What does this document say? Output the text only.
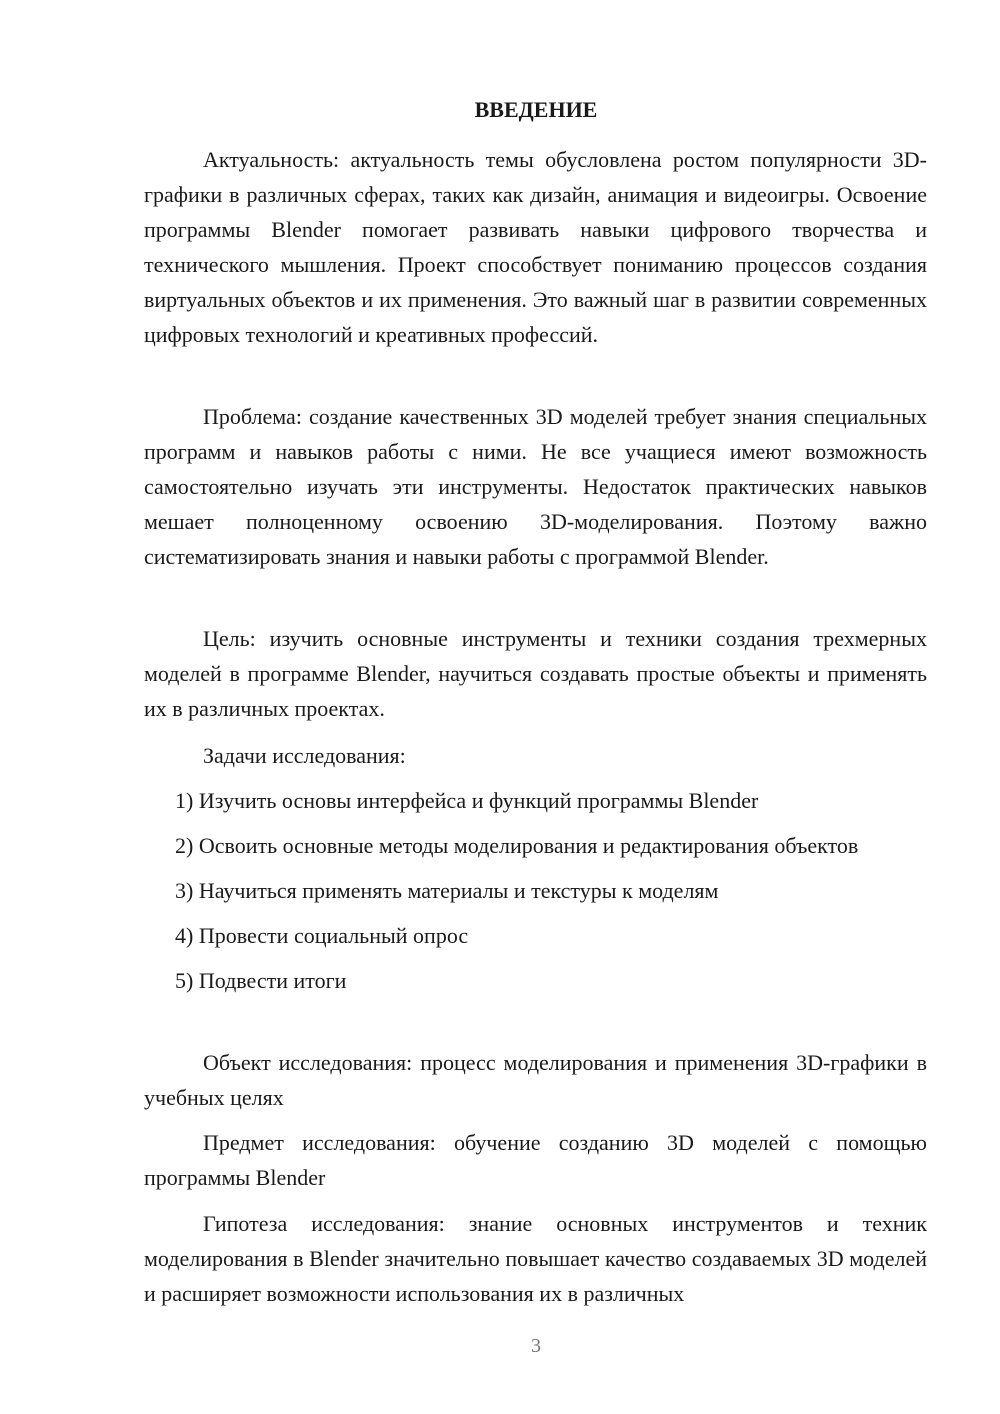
ВВЕДЕНИЕ

Актуальность: актуальность темы обусловлена ростом популярности 3D-графики в различных сферах, таких как дизайн, анимация и видеоигры. Освоение программы Blender помогает развивать навыки цифрового творчества и технического мышления. Проект способствует пониманию процессов создания виртуальных объектов и их применения. Это важный шаг в развитии современных цифровых технологий и креативных профессий.

Проблема: создание качественных 3D моделей требует знания специальных программ и навыков работы с ними. Не все учащиеся имеют возможность самостоятельно изучать эти инструменты. Недостаток практических навыков мешает полноценному освоению 3D-моделирования. Поэтому важно систематизировать знания и навыки работы с программой Blender.

Цель: изучить основные инструменты и техники создания трехмерных моделей в программе Blender, научиться создавать простые объекты и применять их в различных проектах.

Задачи исследования:

1) Изучить основы интерфейса и функций программы Blender

2) Освоить основные методы моделирования и редактирования объектов

3) Научиться применять материалы и текстуры к моделям

4) Провести социальный опрос

5) Подвести итоги

Объект исследования: процесс моделирования и применения 3D-графики в учебных целях

Предмет исследования: обучение созданию 3D моделей с помощью программы Blender

Гипотеза исследования: знание основных инструментов и техник моделирования в Blender значительно повышает качество создаваемых 3D моделей и расширяет возможности использования их в различных

3
